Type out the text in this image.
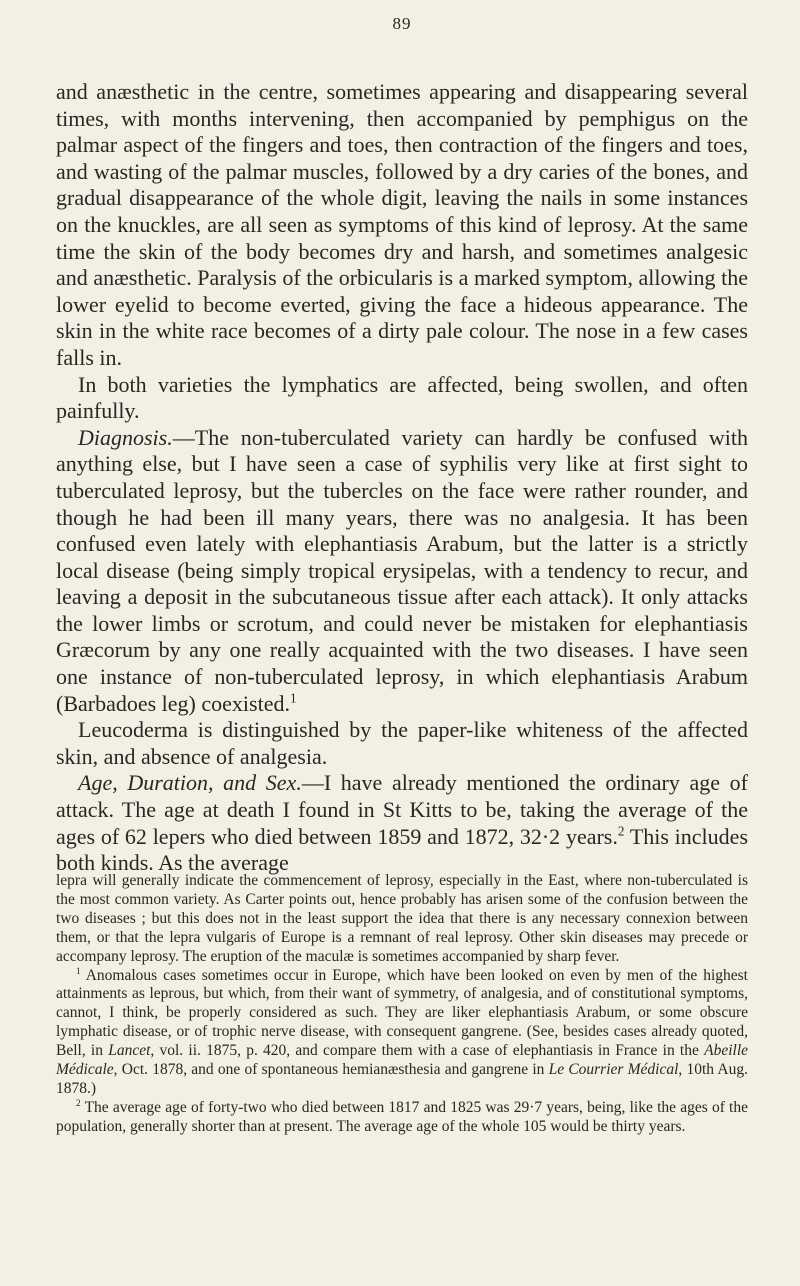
89

and anæsthetic in the centre, sometimes appearing and disappearing several times, with months intervening, then accompanied by pemphigus on the palmar aspect of the fingers and toes, then contraction of the fingers and toes, and wasting of the palmar muscles, followed by a dry caries of the bones, and gradual disappearance of the whole digit, leaving the nails in some instances on the knuckles, are all seen as symptoms of this kind of leprosy. At the same time the skin of the body becomes dry and harsh, and sometimes analgesic and anæsthetic. Paralysis of the orbicularis is a marked symptom, allowing the lower eyelid to become everted, giving the face a hideous appearance. The skin in the white race becomes of a dirty pale colour. The nose in a few cases falls in.

In both varieties the lymphatics are affected, being swollen, and often painfully.

Diagnosis.—The non-tuberculated variety can hardly be confused with anything else, but I have seen a case of syphilis very like at first sight to tuberculated leprosy, but the tubercles on the face were rather rounder, and though he had been ill many years, there was no analgesia. It has been confused even lately with elephantiasis Arabum, but the latter is a strictly local disease (being simply tropical erysipelas, with a tendency to recur, and leaving a deposit in the subcutaneous tissue after each attack). It only attacks the lower limbs or scrotum, and could never be mistaken for elephantiasis Græcorum by any one really acquainted with the two diseases. I have seen one instance of non-tuberculated leprosy, in which elephantiasis Arabum (Barbadoes leg) coexisted.$^1$

Leucoderma is distinguished by the paper-like whiteness of the affected skin, and absence of analgesia.

Age, Duration, and Sex.—I have already mentioned the ordinary age of attack. The age at death I found in St Kitts to be, taking the average of the ages of 62 lepers who died between 1859 and 1872, 32·2 years.$^2$ This includes both kinds. As the average

lepra will generally indicate the commencement of leprosy, especially in the East, where non-tuberculated is the most common variety. As Carter points out, hence probably has arisen some of the confusion between the two diseases ; but this does not in the least support the idea that there is any necessary connexion between them, or that the lepra vulgaris of Europe is a remnant of real leprosy. Other skin diseases may precede or accompany leprosy. The eruption of the maculæ is sometimes accompanied by sharp fever.

$^1$ Anomalous cases sometimes occur in Europe, which have been looked on even by men of the highest attainments as leprous, but which, from their want of symmetry, of analgesia, and of constitutional symptoms, cannot, I think, be properly considered as such. They are liker elephantiasis Arabum, or some obscure lymphatic disease, or of trophic nerve disease, with consequent gangrene. (See, besides cases already quoted, Bell, in Lancet, vol. ii. 1875, p. 420, and compare them with a case of elephantiasis in France in the Abeille Médicale, Oct. 1878, and one of spontaneous hemianæsthesia and gangrene in Le Courrier Médical, 10th Aug. 1878.)

$^2$ The average age of forty-two who died between 1817 and 1825 was 29·7 years, being, like the ages of the population, generally shorter than at present. The average age of the whole 105 would be thirty years.
